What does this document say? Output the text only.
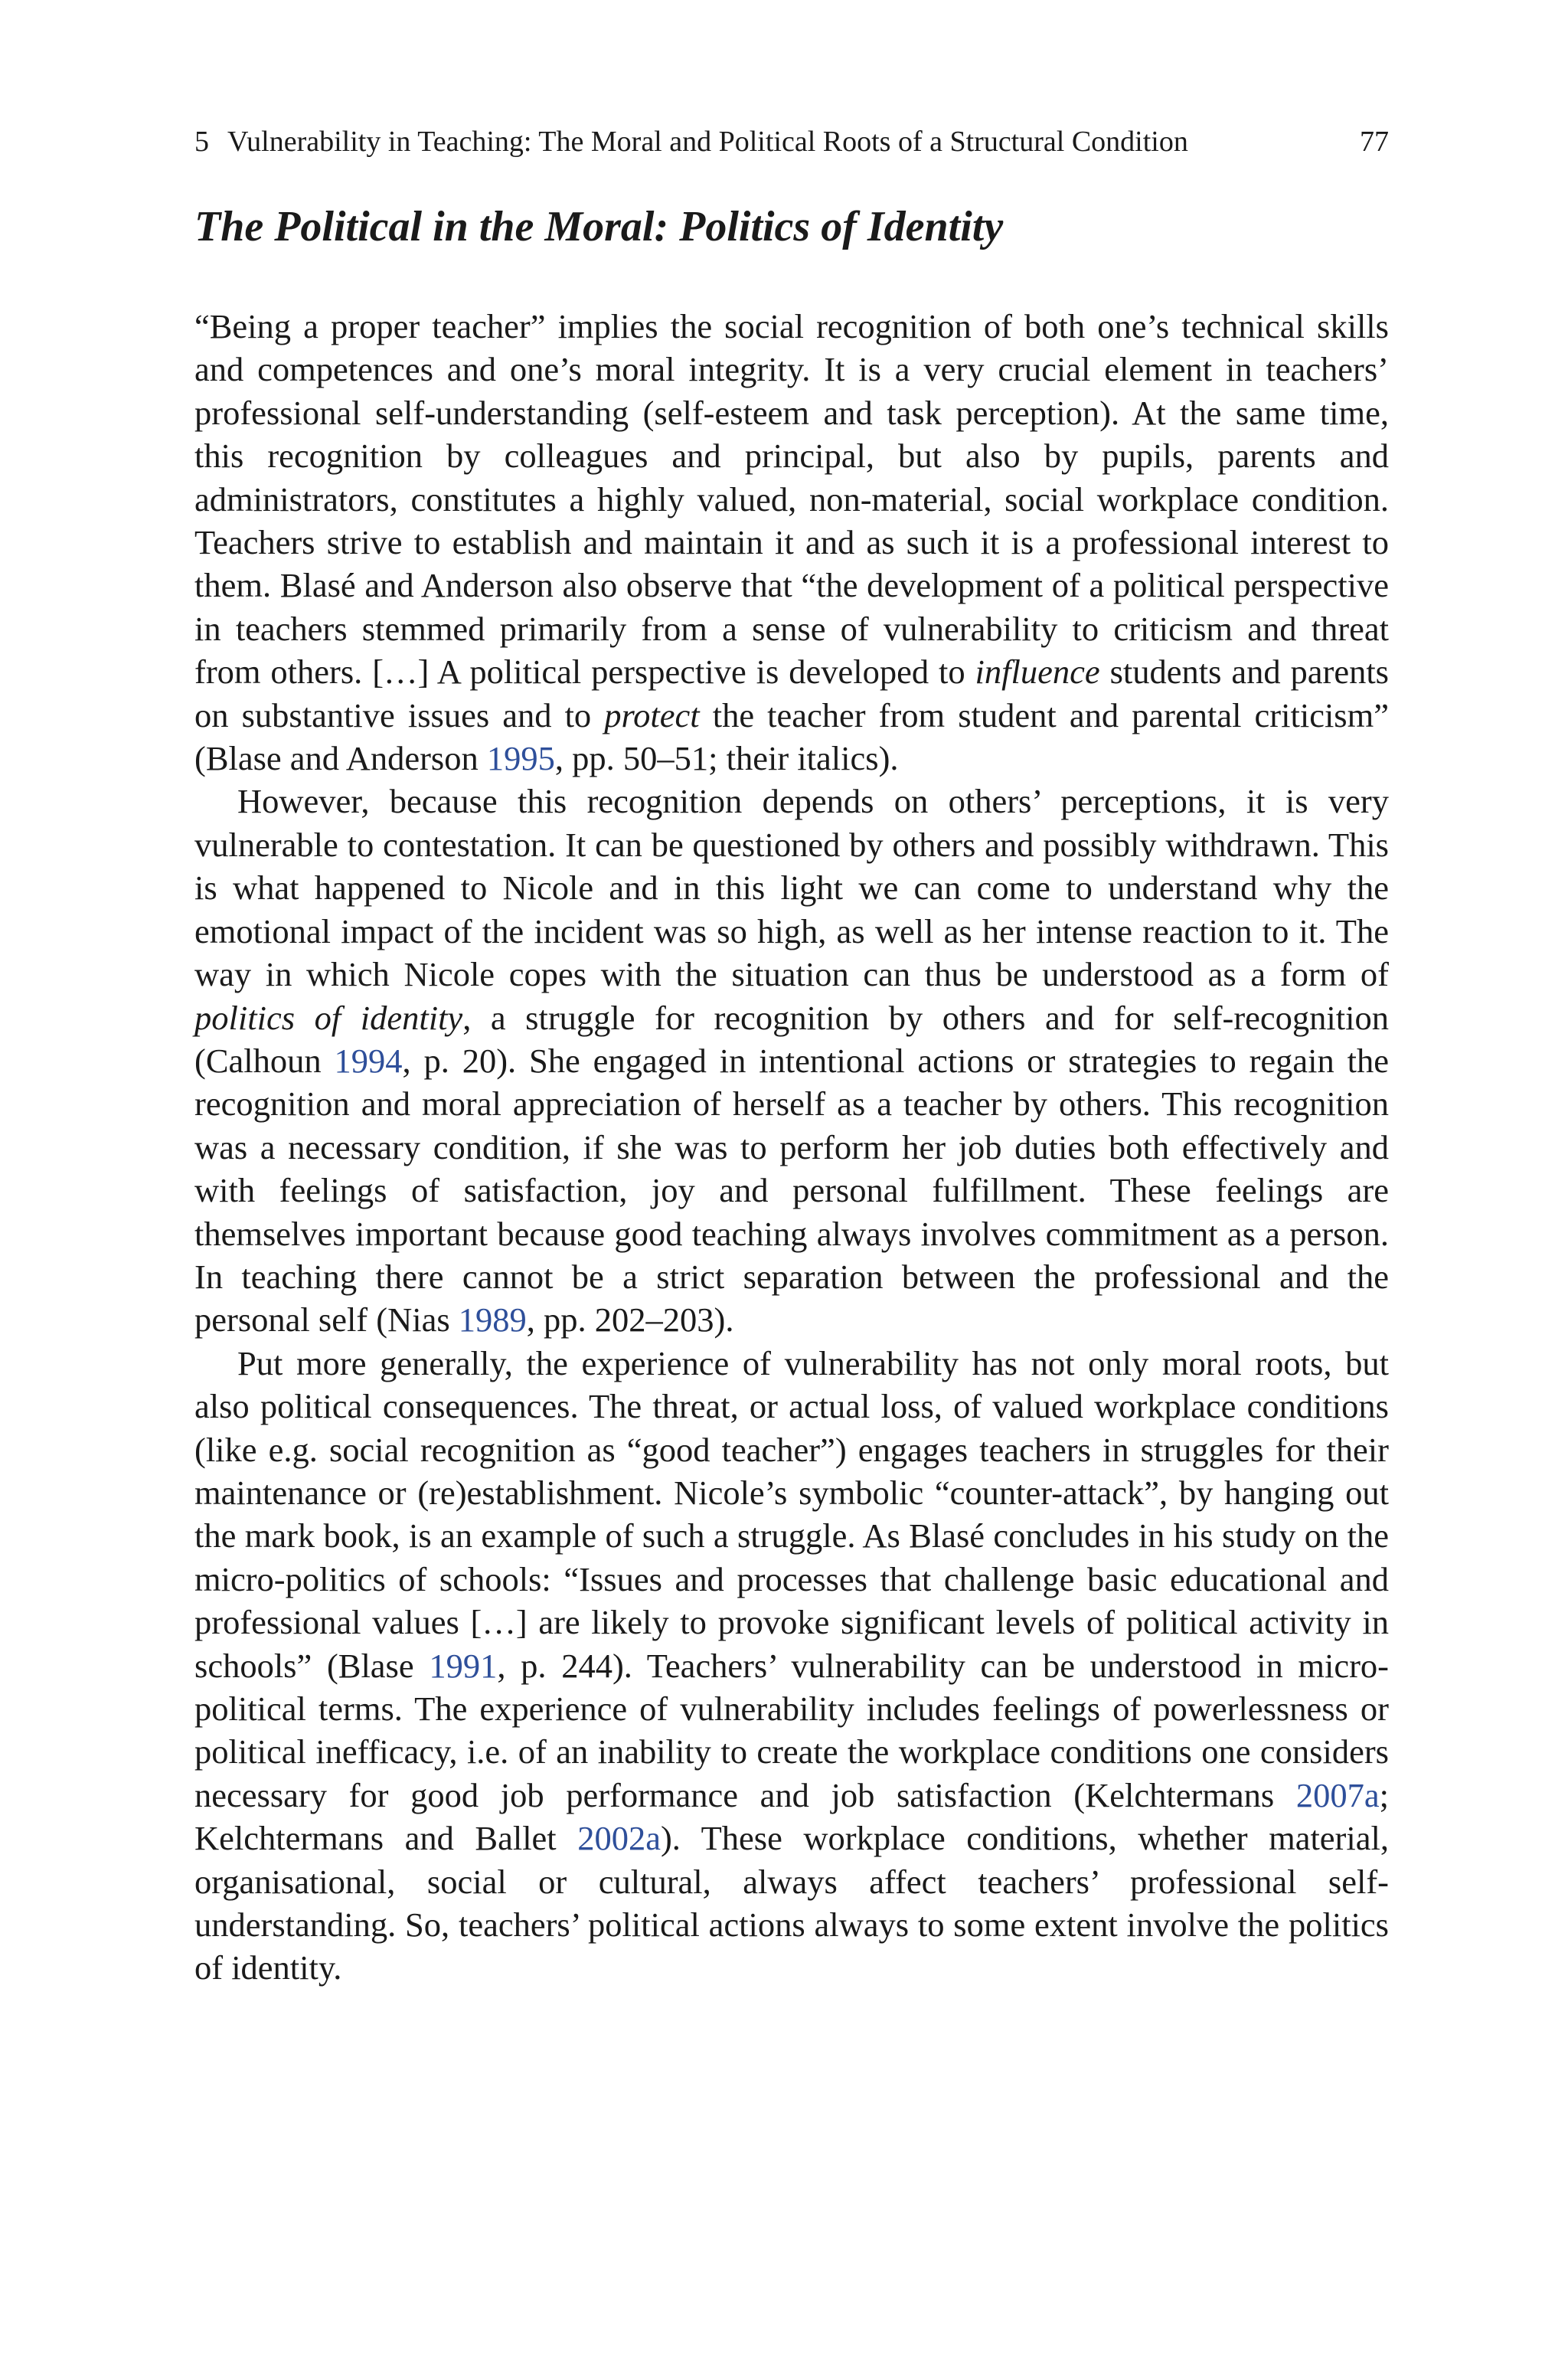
5 Vulnerability in Teaching: The Moral and Political Roots of a Structural Condition	77
The Political in the Moral: Politics of Identity

“Being a proper teacher” implies the social recognition of both one’s technical skills and competences and one’s moral integrity. It is a very crucial element in teachers’ professional self-understanding (self-esteem and task perception). At the same time, this recognition by colleagues and principal, but also by pupils, parents and administrators, constitutes a highly valued, non-material, social workplace condition. Teachers strive to establish and maintain it and as such it is a professional interest to them. Blasé and Anderson also observe that “the development of a political perspective in teachers stemmed primarily from a sense of vulnerability to criticism and threat from others. […] A political perspective is developed to influence students and parents on substantive issues and to protect the teacher from student and parental criticism” (Blase and Anderson 1995, pp. 50–51; their italics).

However, because this recognition depends on others’ perceptions, it is very vulnerable to contestation. It can be questioned by others and possibly withdrawn. This is what happened to Nicole and in this light we can come to understand why the emotional impact of the incident was so high, as well as her intense reaction to it. The way in which Nicole copes with the situation can thus be understood as a form of politics of identity, a struggle for recognition by others and for self-recognition (Calhoun 1994, p. 20). She engaged in intentional actions or strategies to regain the recognition and moral appreciation of herself as a teacher by others. This recognition was a necessary condition, if she was to perform her job duties both effectively and with feelings of satisfaction, joy and personal fulfillment. These feelings are themselves important because good teaching always involves commitment as a person. In teaching there cannot be a strict separation between the professional and the personal self (Nias 1989, pp. 202–203).

Put more generally, the experience of vulnerability has not only moral roots, but also political consequences. The threat, or actual loss, of valued workplace conditions (like e.g. social recognition as “good teacher”) engages teachers in struggles for their maintenance or (re)establishment. Nicole’s symbolic “counter-attack”, by hanging out the mark book, is an example of such a struggle. As Blasé concludes in his study on the micro-politics of schools: “Issues and processes that challenge basic educational and professional values […] are likely to provoke significant levels of political activity in schools” (Blase 1991, p. 244). Teachers’ vulnerability can be understood in micro-political terms. The experience of vulnerability includes feelings of powerlessness or political inefficacy, i.e. of an inability to create the workplace conditions one considers necessary for good job performance and job satisfaction (Kelchtermans 2007a; Kelchtermans and Ballet 2002a). These workplace conditions, whether material, organisational, social or cultural, always affect teachers’ professional self-understanding. So, teachers’ political actions always to some extent involve the politics of identity.
